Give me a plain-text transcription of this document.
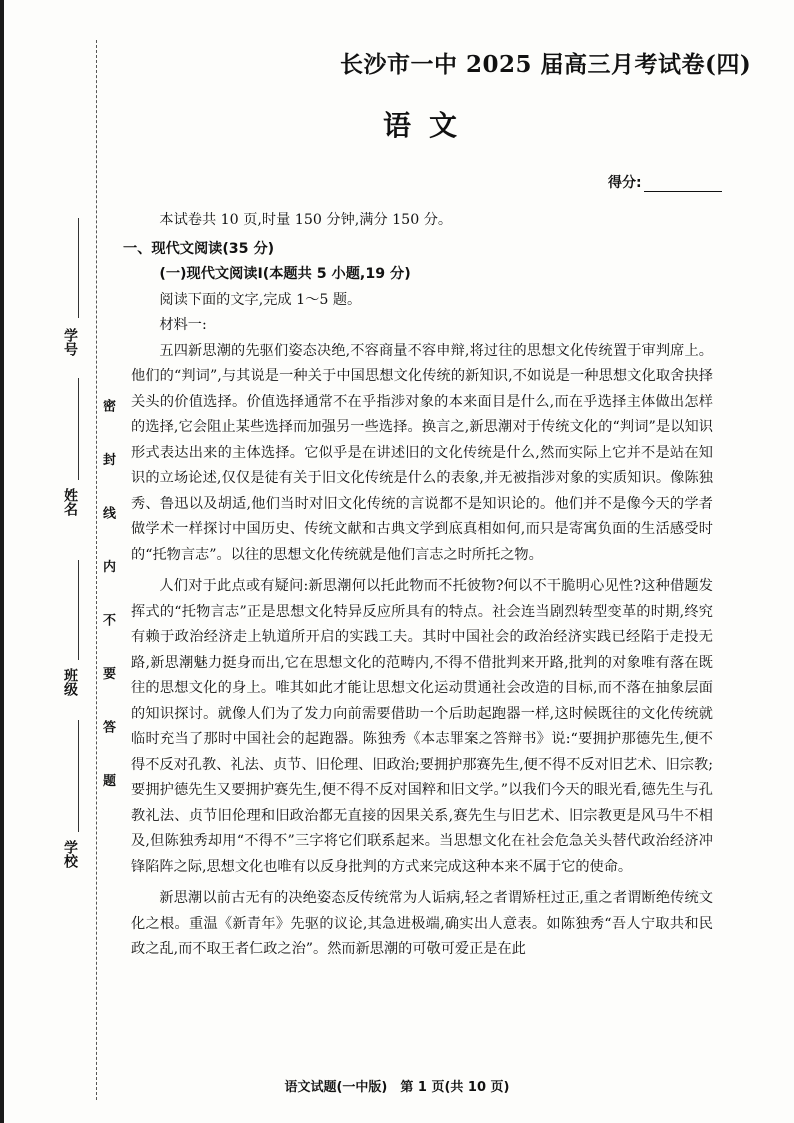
学号
姓名
班级
学校
密 封 线 内 不 要 答 题
长沙市一中 2025 届高三月考试卷(四)
语文
得分:

本试卷共 10 页,时量 150 分钟,满分 150 分。

一、现代文阅读(35 分)

(一)现代文阅读Ⅰ(本题共 5 小题,19 分)

阅读下面的文字,完成 1～5 题。

材料一:

五四新思潮的先驱们姿态决绝,不容商量不容申辩,将过往的思想文化传统置于审判席上。他们的“判词”,与其说是一种关于中国思想文化传统的新知识,不如说是一种思想文化取舍抉择关头的价值选择。价值选择通常不在乎指涉对象的本来面目是什么,而在乎选择主体做出怎样的选择,它会阻止某些选择而加强另一些选择。换言之,新思潮对于传统文化的“判词”是以知识形式表达出来的主体选择。它似乎是在讲述旧的文化传统是什么,然而实际上它并不是站在知识的立场论述,仅仅是徒有关于旧文化传统是什么的表象,并无被指涉对象的实质知识。像陈独秀、鲁迅以及胡适,他们当时对旧文化传统的言说都不是知识论的。他们并不是像今天的学者做学术一样探讨中国历史、传统文献和古典文学到底真相如何,而只是寄寓负面的生活感受时的“托物言志”。以往的思想文化传统就是他们言志之时所托之物。

人们对于此点或有疑问:新思潮何以托此物而不托彼物?何以不干脆明心见性?这种借题发挥式的“托物言志”正是思想文化特异反应所具有的特点。社会连当剧烈转型变革的时期,终究有赖于政治经济走上轨道所开启的实践工夫。其时中国社会的政治经济实践已经陷于走投无路,新思潮魅力挺身而出,它在思想文化的范畴内,不得不借批判来开路,批判的对象唯有落在既往的思想文化的身上。唯其如此才能让思想文化运动贯通社会改造的目标,而不落在抽象层面的知识探讨。就像人们为了发力向前需要借助一个后助起跑器一样,这时候既往的文化传统就临时充当了那时中国社会的起跑器。陈独秀《本志罪案之答辩书》说:“要拥护那德先生,便不得不反对孔教、礼法、贞节、旧伦理、旧政治;要拥护那赛先生,便不得不反对旧艺术、旧宗教;要拥护德先生又要拥护赛先生,便不得不反对国粹和旧文学。”以我们今天的眼光看,德先生与孔教礼法、贞节旧伦理和旧政治都无直接的因果关系,赛先生与旧艺术、旧宗教更是风马牛不相及,但陈独秀却用“不得不”三字将它们联系起来。当思想文化在社会危急关头替代政治经济冲锋陷阵之际,思想文化也唯有以反身批判的方式来完成这种本来不属于它的使命。

新思潮以前古无有的决绝姿态反传统常为人诟病,轻之者谓矫枉过正,重之者谓断绝传统文化之根。重温《新青年》先驱的议论,其急进极端,确实出人意表。如陈独秀“吾人宁取共和民政之乱,而不取王者仁政之治”。然而新思潮的可敬可爱正是在此

语文试题(一中版)　第 1 页(共 10 页)
